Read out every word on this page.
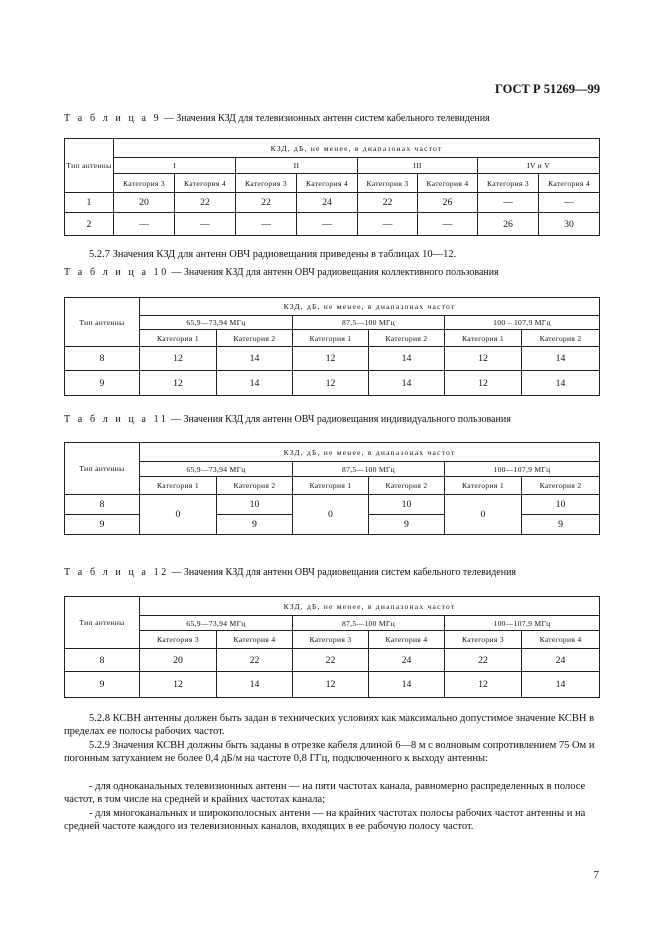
ГОСТ Р 51269—99
Т а б л и ц а 9 — Значения КЗД для телевизионных антенн систем кабельного телевидения
Тип антенны	КЗД, дБ, не менее, в диапазонах частот							
	I		II		III		IV и V	
	Категория 3	Категория 4	Категория 3	Категория 4	Категория 3	Категория 4	Категория 3	Категория 4
1	20	22	22	24	22	26	—	—
2	—	—	—	—	—	—	26	30
5.2.7 Значения КЗД для антенн ОВЧ радиовещания приведены в таблицах 10—12.
Т а б л и ц а 10 — Значения КЗД для антенн ОВЧ радиовещания коллективного пользования
Тип антенны	КЗД, дБ, не менее, в диапазонах частот					
	65,9—73,94 МГц		87,5—100 МГц		100 – 107,9 МГц	
	Категория 1	Категория 2	Категория 1	Категория 2	Категория 1	Категория 2
8	12	14	12	14	12	14
9	12	14	12	14	12	14
Т а б л и ц а 11 — Значения КЗД для антенн ОВЧ радиовещания индивидуального пользования
Тип антенны	КЗД, дБ, не менее, в диапазонах частот					
	65,9—73,94 МГц		87,5—100 МГц		100—107,9 МГц	
	Категория 1	Категория 2	Категория 1	Категория 2	Категория 1	Категория 2
8	0	10	0	10	0	10
9		9		9		9
Т а б л и ц а 12 — Значения КЗД для антенн ОВЧ радиовещания систем кабельного телевидения
Тип антенны	КЗД, дБ, не менее, в диапазонах частот					
	65,9—73,94 МГц		87,5—100 МГц		100—107,9 МГц	
	Категория 3	Категория 4	Категория 3	Категория 4	Категория 3	Категория 4
8	20	22	22	24	22	24
9	12	14	12	14	12	14
5.2.8 КСВН антенны должен быть задан в технических условиях как максимально допустимое значение КСВН в пределах ее полосы рабочих частот.
5.2.9 Значения КСВН должны быть заданы в отрезке кабеля длиной 6—8 м с волновым сопротивлением 75 Ом и погонным затуханием не более 0,4 дБ/м на частоте 0,8 ГГц, подключенного к выходу антенны:
- для одноканальных телевизионных антенн — на пяти частотах канала, равномерно распределенных в полосе частот, в том числе на средней и крайних частотах канала;
- для многоканальных и широкополосных антенн — на крайних частотах полосы рабочих частот антенны и на средней частоте каждого из телевизионных каналов, входящих в ее рабочую полосу частот.
7
